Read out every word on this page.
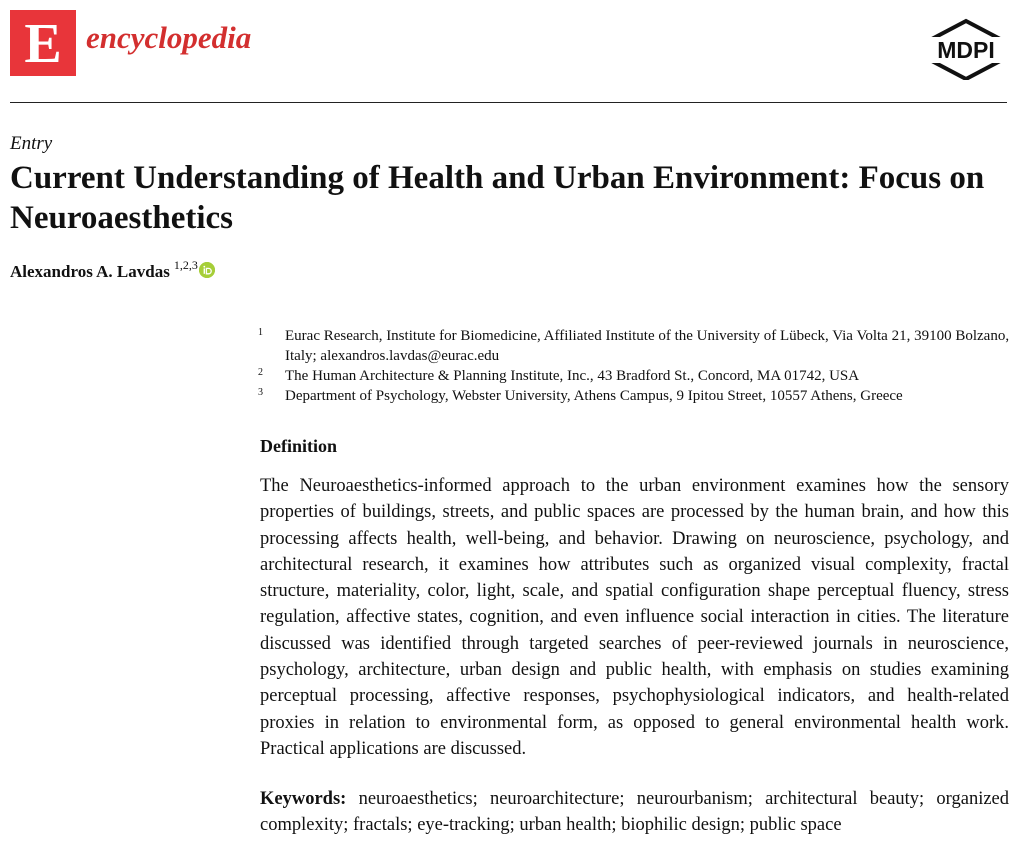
E encyclopedia	MDPI
Entry
Current Understanding of Health and Urban Environment: Focus on Neuroaesthetics
Alexandros A. Lavdas $^{1,2,3}$
1 Eurac Research, Institute for Biomedicine, Affiliated Institute of the University of Lübeck, Via Volta 21, 39100 Bolzano, Italy; alexandros.lavdas@eurac.edu
2 The Human Architecture & Planning Institute, Inc., 43 Bradford St., Concord, MA 01742, USA
3 Department of Psychology, Webster University, Athens Campus, 9 Ipitou Street, 10557 Athens, Greece
Definition

The Neuroaesthetics-informed approach to the urban environment examines how the sensory properties of buildings, streets, and public spaces are processed by the human brain, and how this processing affects health, well-being, and behavior. Drawing on neuroscience, psychology, and architectural research, it examines how attributes such as organized visual complexity, fractal structure, materiality, color, light, scale, and spatial configuration shape perceptual fluency, stress regulation, affective states, cognition, and even influence social interaction in cities. The literature discussed was identified through targeted searches of peer-reviewed journals in neuroscience, psychology, architecture, urban design and public health, with emphasis on studies examining perceptual processing, affective responses, psychophysiological indicators, and health-related proxies in relation to environmental form, as opposed to general environmental health work. Practical applications are discussed.

Keywords: neuroaesthetics; neuroarchitecture; neurourbanism; architectural beauty; organized complexity; fractals; eye-tracking; urban health; biophilic design; public space
